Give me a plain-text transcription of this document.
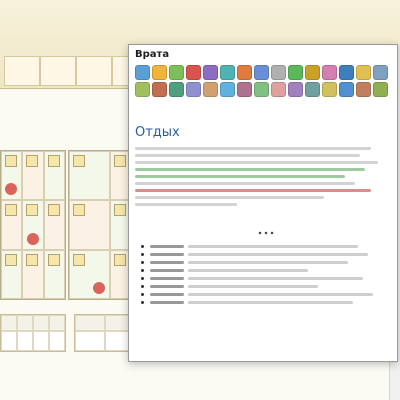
Врата
Отдых
